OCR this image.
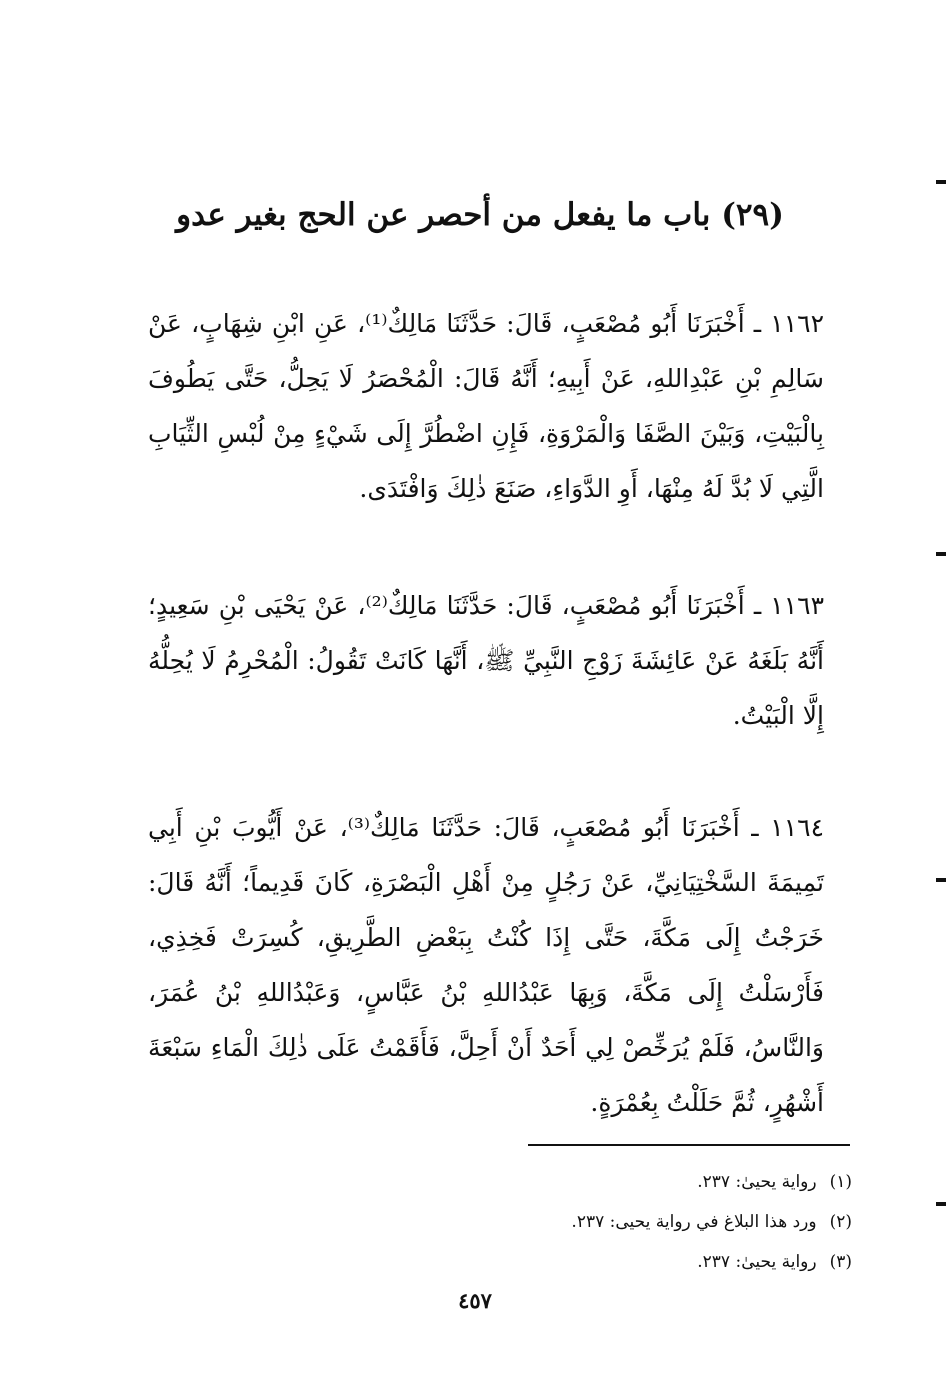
(٢٩) باب ما يفعل من أحصر عن الحج بغير عدو

١١٦٢ ـ أَخْبَرَنَا أَبُو مُصْعَبٍ، قَالَ: حَدَّثَنَا مَالِكٌ⁽¹⁾، عَنِ ابْنِ شِهَابٍ، عَنْ سَالِمِ بْنِ عَبْدِاللهِ، عَنْ أَبِيهِ؛ أَنَّهُ قَالَ: الْمُحْصَرُ لَا يَحِلُّ، حَتَّى يَطُوفَ بِالْبَيْتِ، وَبَيْنَ الصَّفَا وَالْمَرْوَةِ، فَإِنِ اضْطُرَّ إِلَى شَيْءٍ مِنْ لُبْسِ الثِّيَابِ الَّتِي لَا بُدَّ لَهُ مِنْهَا، أَوِ الدَّوَاءِ، صَنَعَ ذٰلِكَ وَافْتَدَى.

١١٦٣ ـ أَخْبَرَنَا أَبُو مُصْعَبٍ، قَالَ: حَدَّثَنَا مَالِكٌ⁽²⁾، عَنْ يَحْيَى بْنِ سَعِيدٍ؛ أَنَّهُ بَلَغَهُ عَنْ عَائِشَةَ زَوْجِ النَّبِيِّ ﷺ، أَنَّهَا كَانَتْ تَقُولُ: الْمُحْرِمُ لَا يُحِلُّهُ إِلَّا الْبَيْتُ.

١١٦٤ ـ أَخْبَرَنَا أَبُو مُصْعَبٍ، قَالَ: حَدَّثَنَا مَالِكٌ⁽³⁾، عَنْ أَيُّوبَ بْنِ أَبِي تَمِيمَةَ السَّخْتِيَانِيِّ، عَنْ رَجُلٍ مِنْ أَهْلِ الْبَصْرَةِ، كَانَ قَدِيماً؛ أَنَّهُ قَالَ: خَرَجْتُ إِلَى مَكَّةَ، حَتَّى إِذَا كُنْتُ بِبَعْضِ الطَّرِيقِ، كُسِرَتْ فَخِذِي، فَأَرْسَلْتُ إِلَى مَكَّةَ، وَبِهَا عَبْدُاللهِ بْنُ عَبَّاسٍ، وَعَبْدُاللهِ بْنُ عُمَرَ، وَالنَّاسُ، فَلَمْ يُرَخِّصْ لِي أَحَدٌ أَنْ أَحِلَّ، فَأَقَمْتُ عَلَى ذٰلِكَ الْمَاءِ سَبْعَةَ أَشْهُرٍ، ثُمَّ حَلَلْتُ بِعُمْرَةٍ.

(١) رواية يحيىٰ: ٢٣٧.
(٢) ورد هذا البلاغ في رواية يحيى: ٢٣٧.
(٣) رواية يحيىٰ: ٢٣٧.
٤٥٧
